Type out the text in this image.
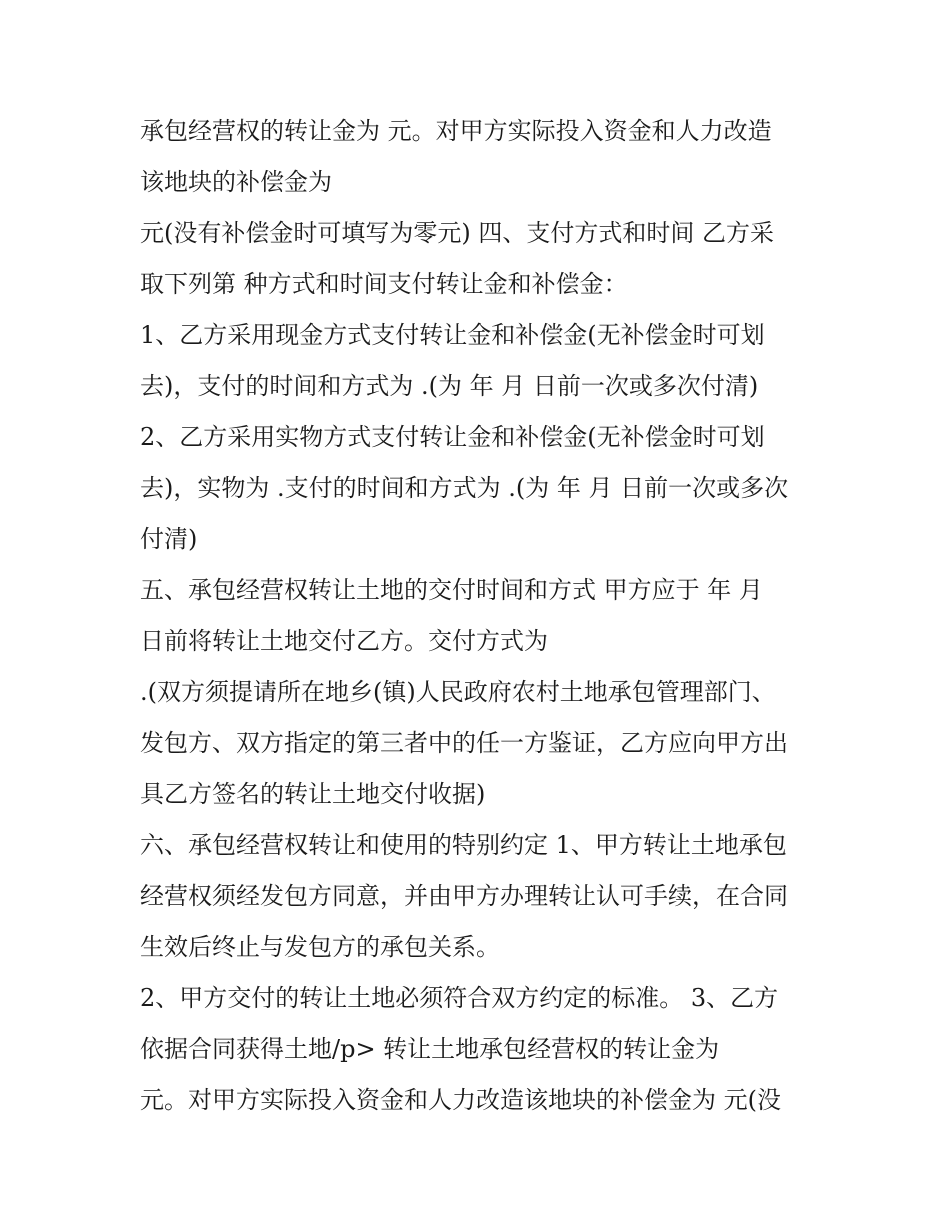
承包经营权的转让金为 元。对甲方实际投入资金和人力改造
该地块的补偿金为
元(没有补偿金时可填写为零元) 四、支付方式和时间 乙方采
取下列第 种方式和时间支付转让金和补偿金：
1、乙方采用现金方式支付转让金和补偿金(无补偿金时可划
去)，支付的时间和方式为 .(为 年 月 日前一次或多次付清)
2、乙方采用实物方式支付转让金和补偿金(无补偿金时可划
去)，实物为 .支付的时间和方式为 .(为 年 月 日前一次或多次
付清)
五、承包经营权转让土地的交付时间和方式 甲方应于 年 月
日前将转让土地交付乙方。交付方式为
.(双方须提请所在地乡(镇)人民政府农村土地承包管理部门、
发包方、双方指定的第三者中的任一方鉴证，乙方应向甲方出
具乙方签名的转让土地交付收据)
六、承包经营权转让和使用的特别约定 1、甲方转让土地承包
经营权须经发包方同意，并由甲方办理转让认可手续，在合同
生效后终止与发包方的承包关系。
2、甲方交付的转让土地必须符合双方约定的标准。 3、乙方
依据合同获得土地/p> 转让土地承包经营权的转让金为
元。对甲方实际投入资金和人力改造该地块的补偿金为 元(没
